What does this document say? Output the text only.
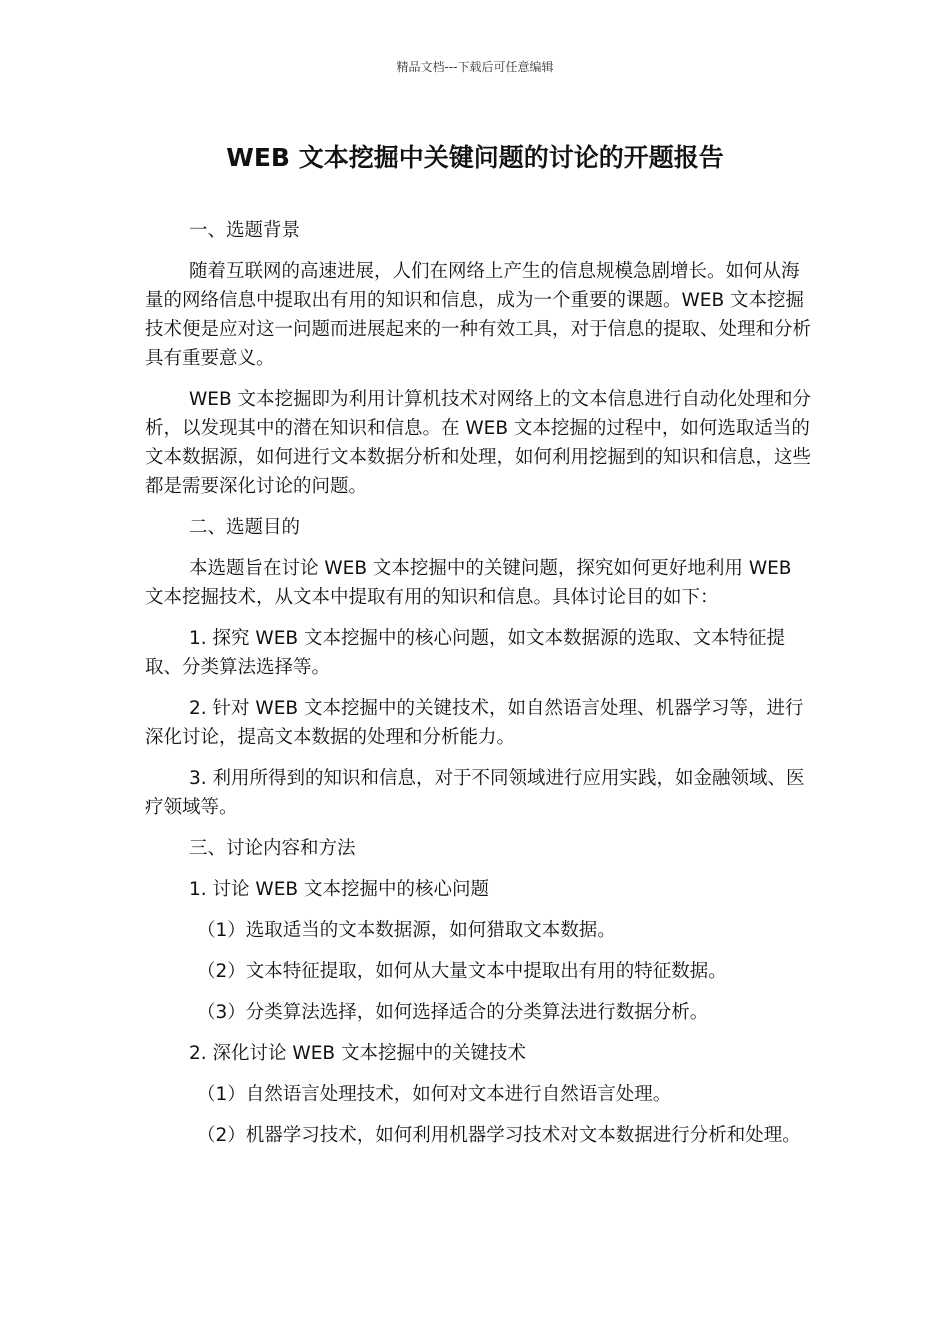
精品文档---下载后可任意编辑
WEB 文本挖掘中关键问题的讨论的开题报告

一、选题背景

随着互联网的高速进展，人们在网络上产生的信息规模急剧增长。如何从海量的网络信息中提取出有用的知识和信息，成为一个重要的课题。WEB 文本挖掘技术便是应对这一问题而进展起来的一种有效工具，对于信息的提取、处理和分析具有重要意义。

WEB 文本挖掘即为利用计算机技术对网络上的文本信息进行自动化处理和分析，以发现其中的潜在知识和信息。在 WEB 文本挖掘的过程中，如何选取适当的文本数据源，如何进行文本数据分析和处理，如何利用挖掘到的知识和信息，这些都是需要深化讨论的问题。

二、选题目的

本选题旨在讨论 WEB 文本挖掘中的关键问题，探究如何更好地利用 WEB 文本挖掘技术，从文本中提取有用的知识和信息。具体讨论目的如下：

1. 探究 WEB 文本挖掘中的核心问题，如文本数据源的选取、文本特征提取、分类算法选择等。

2. 针对 WEB 文本挖掘中的关键技术，如自然语言处理、机器学习等，进行深化讨论，提高文本数据的处理和分析能力。

3. 利用所得到的知识和信息，对于不同领域进行应用实践，如金融领域、医疗领域等。

三、讨论内容和方法

1. 讨论 WEB 文本挖掘中的核心问题

（1）选取适当的文本数据源，如何猎取文本数据。

（2）文本特征提取，如何从大量文本中提取出有用的特征数据。

（3）分类算法选择，如何选择适合的分类算法进行数据分析。

2. 深化讨论 WEB 文本挖掘中的关键技术

（1）自然语言处理技术，如何对文本进行自然语言处理。

（2）机器学习技术，如何利用机器学习技术对文本数据进行分析和处理。
